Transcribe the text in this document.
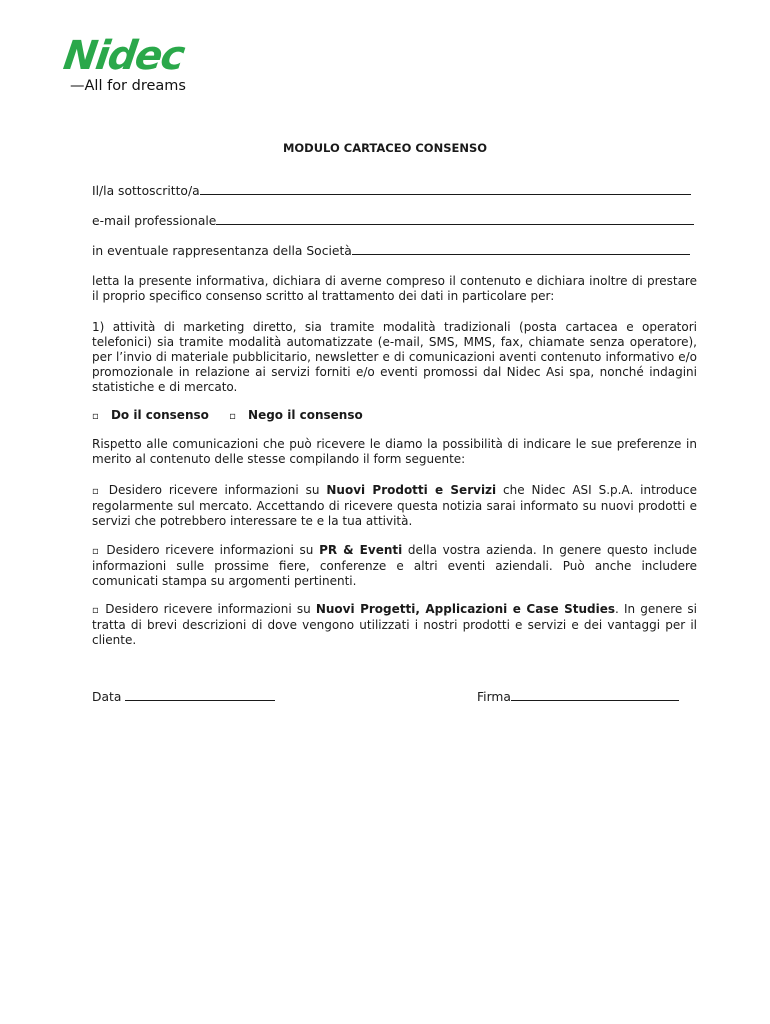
Nidec
—All for dreams
MODULO CARTACEO CONSENSO
Il/la sottoscritto/a
e-mail professionale
in eventuale rappresentanza della Società
letta la presente informativa, dichiara di averne compreso il contenuto e dichiara inoltre di prestare il proprio specifico consenso scritto al trattamento dei dati in particolare per:
1) attività di marketing diretto, sia tramite modalità tradizionali (posta cartacea e operatori telefonici) sia tramite modalità automatizzate (e-mail, SMS, MMS, fax, chiamate senza operatore), per l’invio di materiale pubblicitario, newsletter e di comunicazioni aventi contenuto informativo e/o promozionale in relazione ai servizi forniti e/o eventi promossi dal Nidec Asi spa, nonché indagini statistiche e di mercato.
▫ Do il consenso ▫ Nego il consenso
Rispetto alle comunicazioni che può ricevere le diamo la possibilità di indicare le sue preferenze in merito al contenuto delle stesse compilando il form seguente:
▫ Desidero ricevere informazioni su Nuovi Prodotti e Servizi che Nidec ASI S.p.A. introduce regolarmente sul mercato. Accettando di ricevere questa notizia sarai informato su nuovi prodotti e servizi che potrebbero interessare te e la tua attività.
▫ Desidero ricevere informazioni su PR & Eventi della vostra azienda. In genere questo include informazioni sulle prossime fiere, conferenze e altri eventi aziendali. Può anche includere comunicati stampa su argomenti pertinenti.
▫ Desidero ricevere informazioni su Nuovi Progetti, Applicazioni e Case Studies. In genere si tratta di brevi descrizioni di dove vengono utilizzati i nostri prodotti e servizi e dei vantaggi per il cliente.
Data	Firma
